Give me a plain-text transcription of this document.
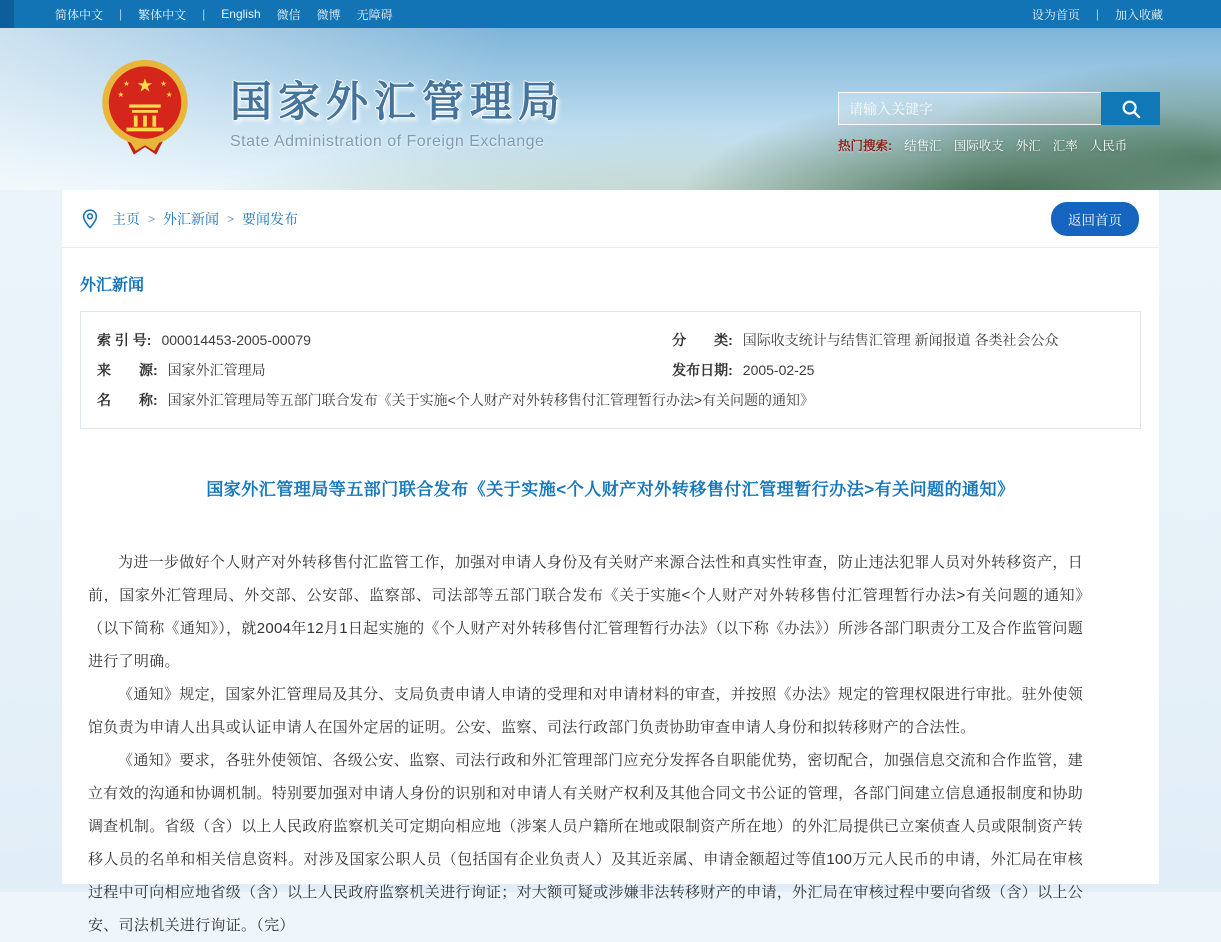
简体中文 | 繁体中文 | English 微信 微博 无障碍	设为首页 | 加入收藏
★
★	★
★	★ 国家外汇管理局
State Administration of Foreign Exchange
请输入关键字	热门搜索: 结售汇 国际收支 外汇 汇率 人民币
主页 > 外汇新闻 > 要闻发布	返回首页
外汇新闻
索 引 号: 000014453-2005-00079	分　　类: 国际收支统计与结售汇管理 新闻报道 各类社会公众
来　　源: 国家外汇管理局	发布日期: 2005-02-25
名　　称: 国家外汇管理局等五部门联合发布《关于实施<个人财产对外转移售付汇管理暂行办法>有关问题的通知》
国家外汇管理局等五部门联合发布《关于实施<个人财产对外转移售付汇管理暂行办法>有关问题的通知》

为进一步做好个人财产对外转移售付汇监管工作，加强对申请人身份及有关财产来源合法性和真实性审查，防止违法犯罪人员对外转移资产，日前，国家外汇管理局、外交部、公安部、监察部、司法部等五部门联合发布《关于实施<个人财产对外转移售付汇管理暂行办法>有关问题的通知》　（以下简称《通知》），就2004年12月1日起实施的《个人财产对外转移售付汇管理暂行办法》（以下称《办法》）所涉各部门职责分工及合作监管问题进行了明确。

《通知》规定，国家外汇管理局及其分、支局负责申请人申请的受理和对申请材料的审查，并按照《办法》规定的管理权限进行审批。驻外使领馆负责为申请人出具或认证申请人在国外定居的证明。公安、监察、司法行政部门负责协助审查申请人身份和拟转移财产的合法性。

《通知》要求，各驻外使领馆、各级公安、监察、司法行政和外汇管理部门应充分发挥各自职能优势，密切配合，加强信息交流和合作监管，建立有效的沟通和协调机制。特别要加强对申请人身份的识别和对申请人有关财产权利及其他合同文书公证的管理，各部门间建立信息通报制度和协助调查机制。省级（含）以上人民政府监察机关可定期向相应地（涉案人员户籍所在地或限制资产所在地）的外汇局提供已立案侦查人员或限制资产转移人员的名单和相关信息资料。对涉及国家公职人员（包括国有企业负责人）及其近亲属、申请金额超过等值100万元人民币的申请，外汇局在审核过程中可向相应地省级（含）以上人民政府监察机关进行询证；对大额可疑或涉嫌非法转移财产的申请，外汇局在审核过程中要向省级（含）以上公安、司法机关进行询证。（完）
